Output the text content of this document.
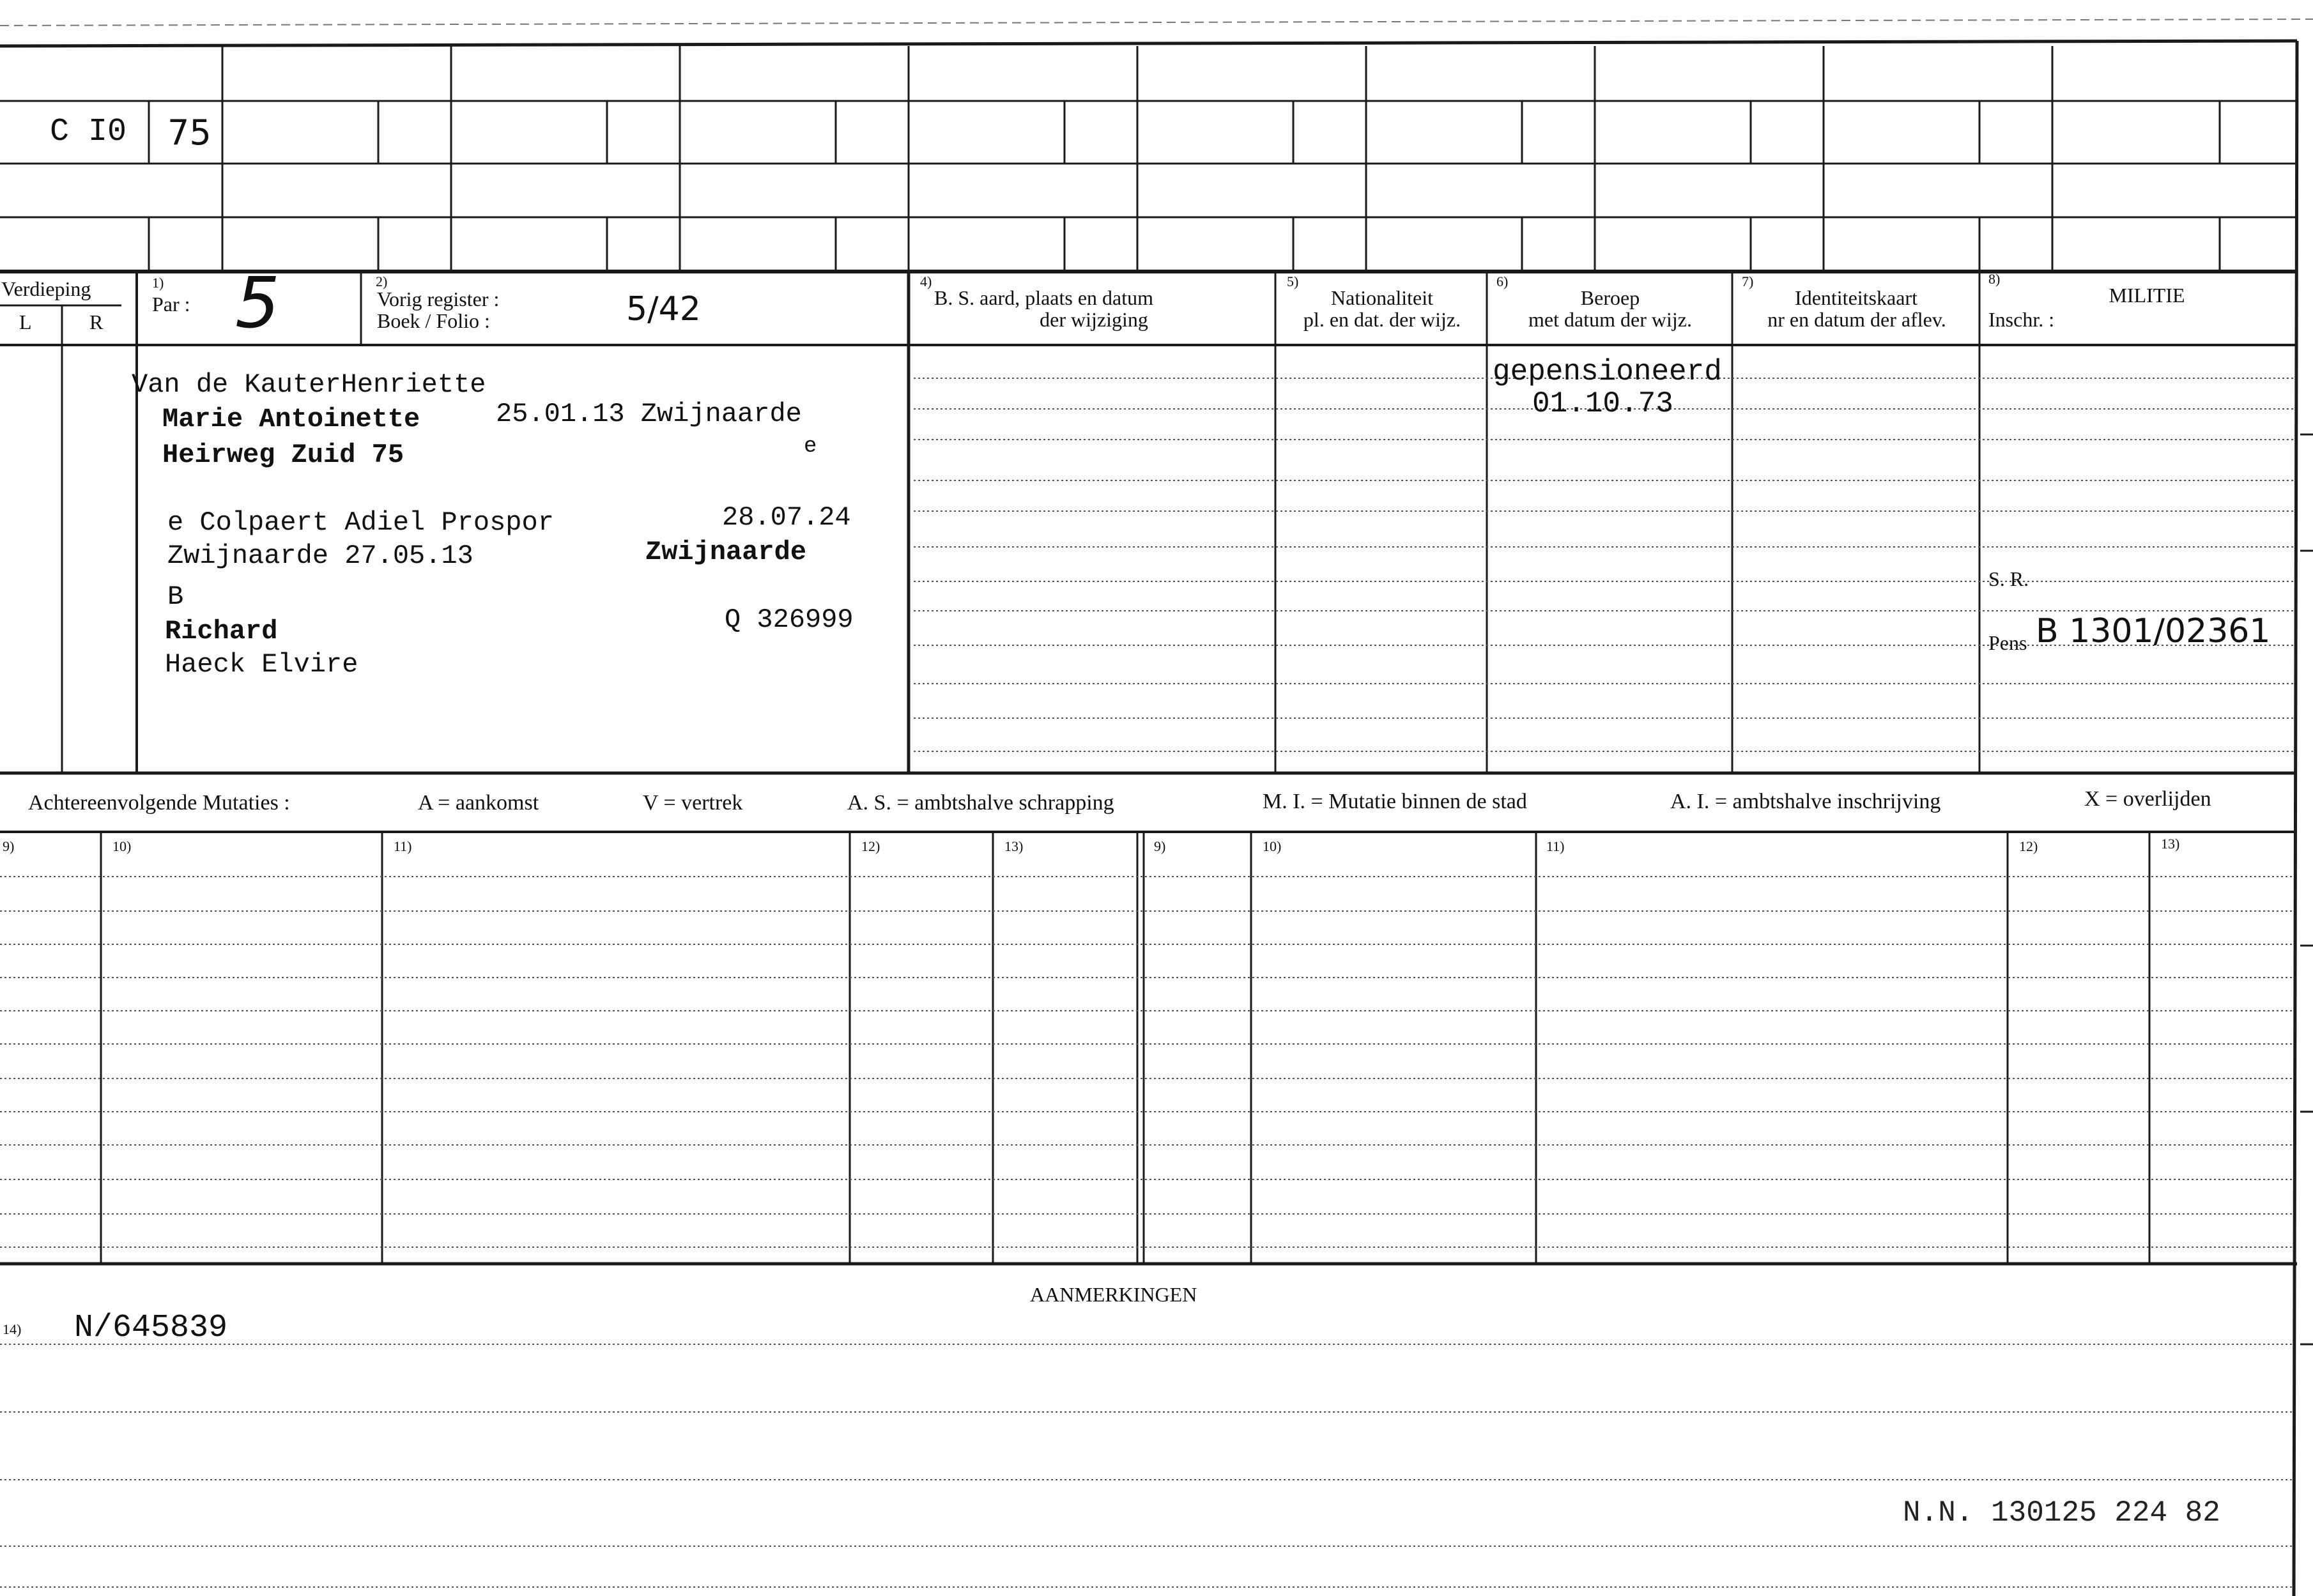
C I0 75
Verdieping
L	R
1)
Par : 5	2)
Vorig register :
Boek / Folio :	5/42
4)
B. S. aard, plaats en datum
der wijziging
5)
Nationaliteit
pl. en dat. der wijz.
6)
Beroep
met datum der wijz.
7)
Identiteitskaart
nr en datum der aflev.
8)
MILITIE
Inschr. :
S. R.
Pens B 1301/02361
Van de KauterHenriette
Marie Antoinette	25.01.13 Zwijnaarde
Heirweg Zuid 75	e
e Colpaert Adiel Prospor	28.07.24
Zwijnaarde 27.05.13	Zwijnaarde
B
Richard	Q 326999
Haeck Elvire
gepensioneerd
01.10.73
Achtereenvolgende Mutaties :	A = aankomst	V = vertrek	A. S. = ambtshalve schrapping	M. I. = Mutatie binnen de stad	A. I. = ambtshalve inschrijving	X = overlijden
9)	10)	11)	12)	13)	9)	10)	11)	12)	13)
AANMERKINGEN
14) N/645839
N.N. 130125 224 82
